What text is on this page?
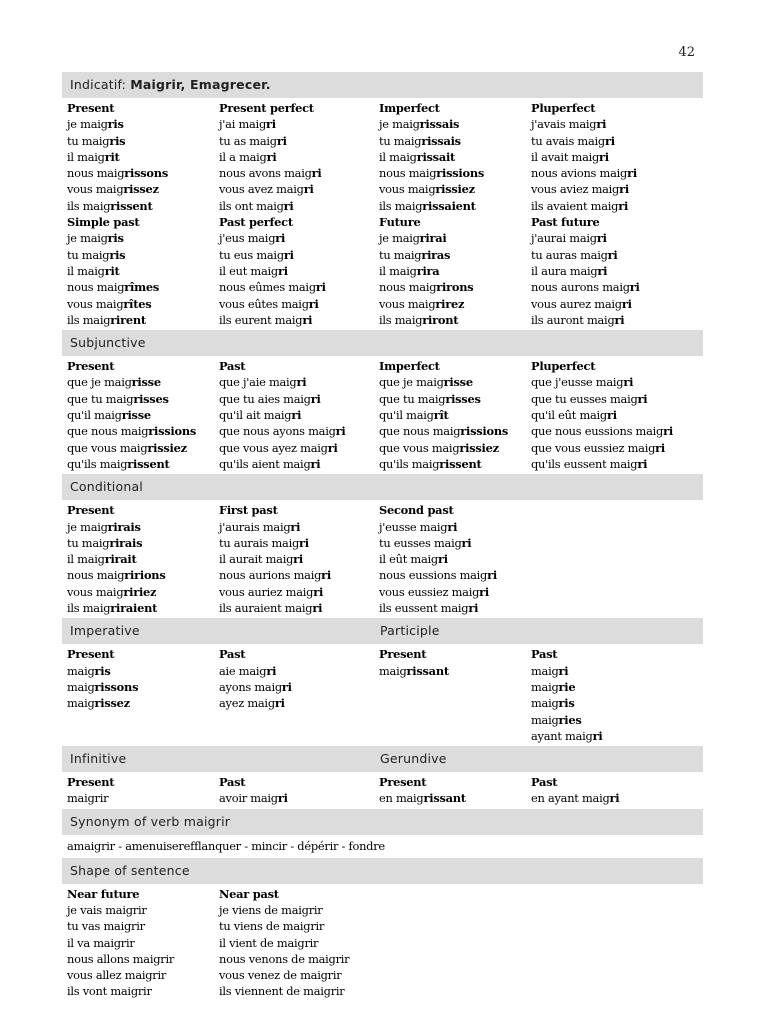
42
Indicatif: Maigrir, Emagrecer.
Present
je maigris
tu maigris
il maigrit
nous maigrissons
vous maigrissez
ils maigrissent
Simple past
je maigris
tu maigris
il maigrit
nous maigrîmes
vous maigrîtes
ils maigrirent
Present perfect
j'ai maigri
tu as maigri
il a maigri
nous avons maigri
vous avez maigri
ils ont maigri
Past perfect
j'eus maigri
tu eus maigri
il eut maigri
nous eûmes maigri
vous eûtes maigri
ils eurent maigri
Imperfect
je maigrissais
tu maigrissais
il maigrissait
nous maigrissions
vous maigrissiez
ils maigrissaient
Future
je maigrirai
tu maigriras
il maigrira
nous maigrirons
vous maigrirez
ils maigriront
Pluperfect
j'avais maigri
tu avais maigri
il avait maigri
nous avions maigri
vous aviez maigri
ils avaient maigri
Past future
j'aurai maigri
tu auras maigri
il aura maigri
nous aurons maigri
vous aurez maigri
ils auront maigri
Subjunctive
Present
que je maigrisse
que tu maigrisses
qu'il maigrisse
que nous maigrissions
que vous maigrissiez
qu'ils maigrissent
Past
que j'aie maigri
que tu aies maigri
qu'il ait maigri
que nous ayons maigri
que vous ayez maigri
qu'ils aient maigri
Imperfect
que je maigrisse
que tu maigrisses
qu'il maigrît
que nous maigrissions
que vous maigrissiez
qu'ils maigrissent
Pluperfect
que j'eusse maigri
que tu eusses maigri
qu'il eût maigri
que nous eussions maigri
que vous eussiez maigri
qu'ils eussent maigri
Conditional
Present
je maigrirais
tu maigrirais
il maigrirait
nous maigririons
vous maigririez
ils maigriraient
First past
j'aurais maigri
tu aurais maigri
il aurait maigri
nous aurions maigri
vous auriez maigri
ils auraient maigri
Second past
j'eusse maigri
tu eusses maigri
il eût maigri
nous eussions maigri
vous eussiez maigri
ils eussent maigri
Imperative	Participle
Present
maigris
maigrissons
maigrissez
Past
aie maigri
ayons maigri
ayez maigri
Present
maigrissant
Past
maigri
maigrie
maigris
maigries
ayant maigri
Infinitive	Gerundive
Present
maigrir
Past
avoir maigri
Present
en maigrissant
Past
en ayant maigri
Synonym of verb maigrir
amaigrir - amenuiserefflanquer - mincir - dépérir - fondre
Shape of sentence
Near future
je vais maigrir
tu vas maigrir
il va maigrir
nous allons maigrir
vous allez maigrir
ils vont maigrir
Near past
je viens de maigrir
tu viens de maigrir
il vient de maigrir
nous venons de maigrir
vous venez de maigrir
ils viennent de maigrir
